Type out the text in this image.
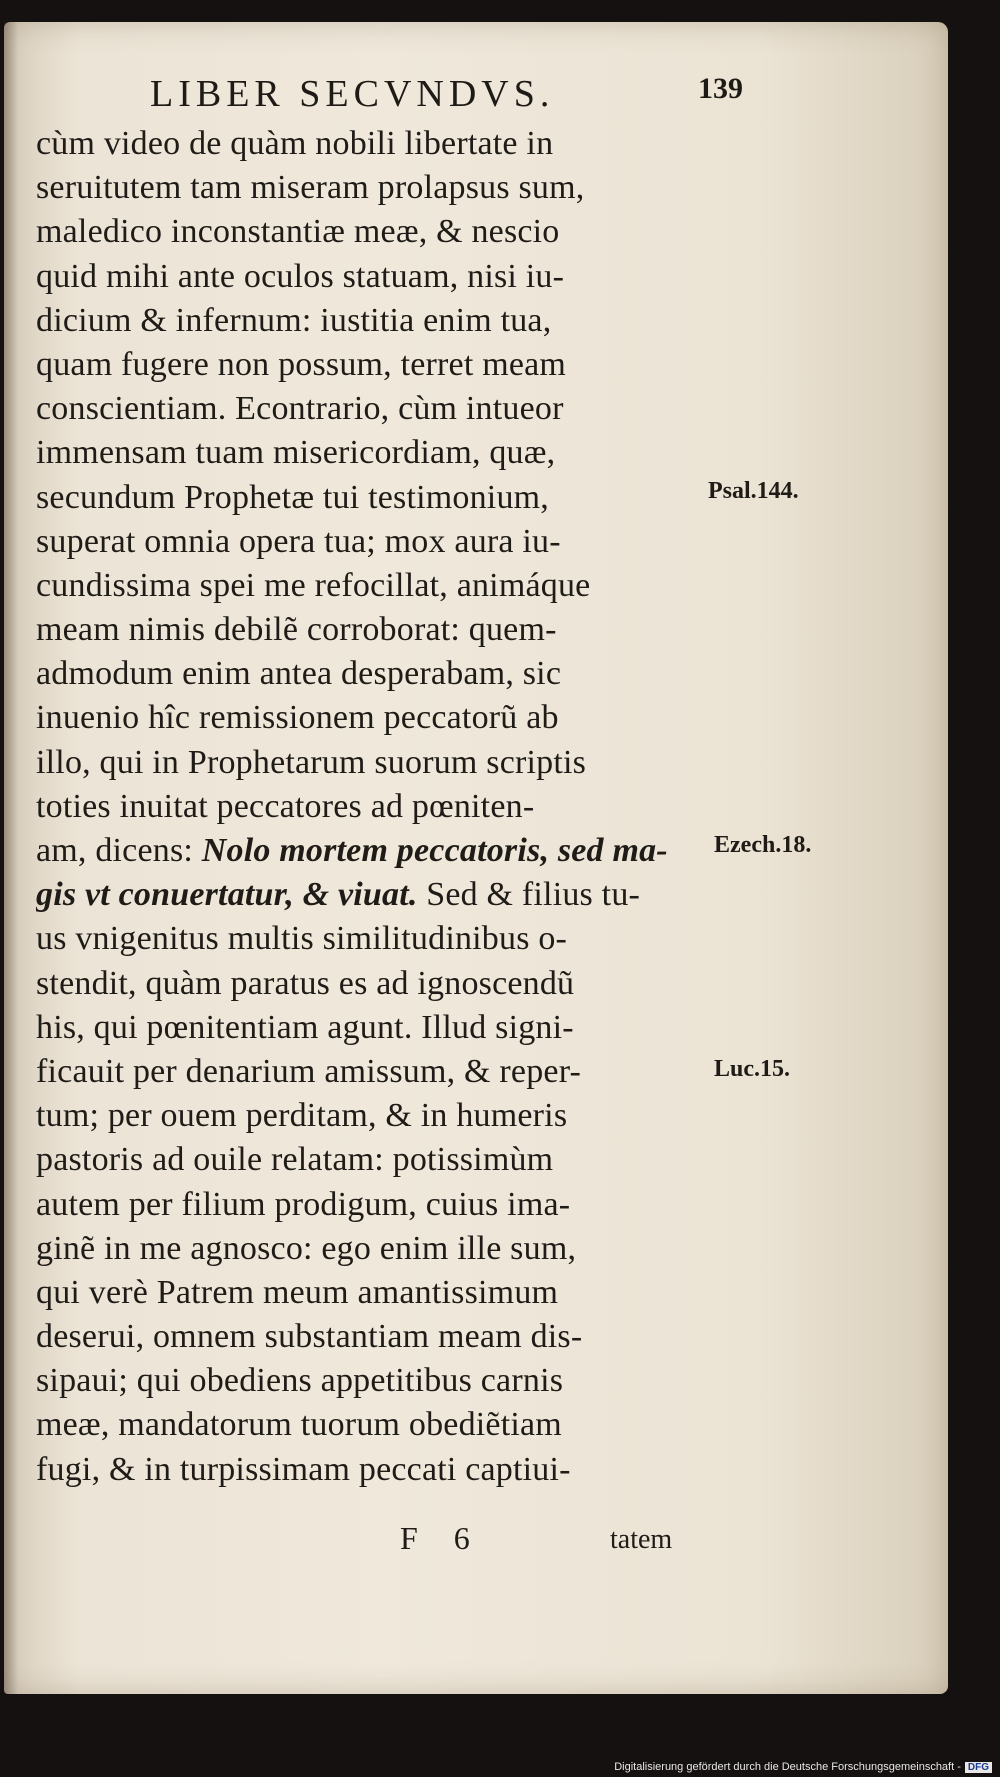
LIBER SECVNDVS.	139
cùm video de quàm nobili libertate in
seruitutem tam miseram prolapsus sum,
maledico inconstantiæ meæ, & nescio
quid mihi ante oculos statuam, nisi iu-
dicium & infernum: iustitia enim tua,
quam fugere non possum, terret meam
conscientiam. Econtrario, cùm intueor
immensam tuam misericordiam, quæ,
secundum Prophetæ tui testimonium,
superat omnia opera tua; mox aura iu-
cundissima spei me refocillat, animáque
meam nimis debilẽ corroborat: quem-
admodum enim antea desperabam, sic
inuenio hîc remissionem peccatorũ ab
illo, qui in Prophetarum suorum scriptis
toties inuitat peccatores ad pœniten-
am, dicens: Nolo mortem peccatoris, sed ma-
gis vt conuertatur, & viuat. Sed & filius tu-
us vnigenitus multis similitudinibus o-
stendit, quàm paratus es ad ignoscendũ
his, qui pœnitentiam agunt. Illud signi-
ficauit per denarium amissum, & reper-
tum; per ouem perditam, & in humeris
pastoris ad ouile relatam: potissimùm
autem per filium prodigum, cuius ima-
ginẽ in me agnosco: ego enim ille sum,
qui verè Patrem meum amantissimum
deserui, omnem substantiam meam dis-
sipaui; qui obediens appetitibus carnis
meæ, mandatorum tuorum obediẽtiam
fugi, & in turpissimam peccati captiui-
Psal.144.
Ezech.18.
Luc.15.
F 6	tatem
Digitalisierung gefördert durch die Deutsche Forschungsgemeinschaft - DFG
